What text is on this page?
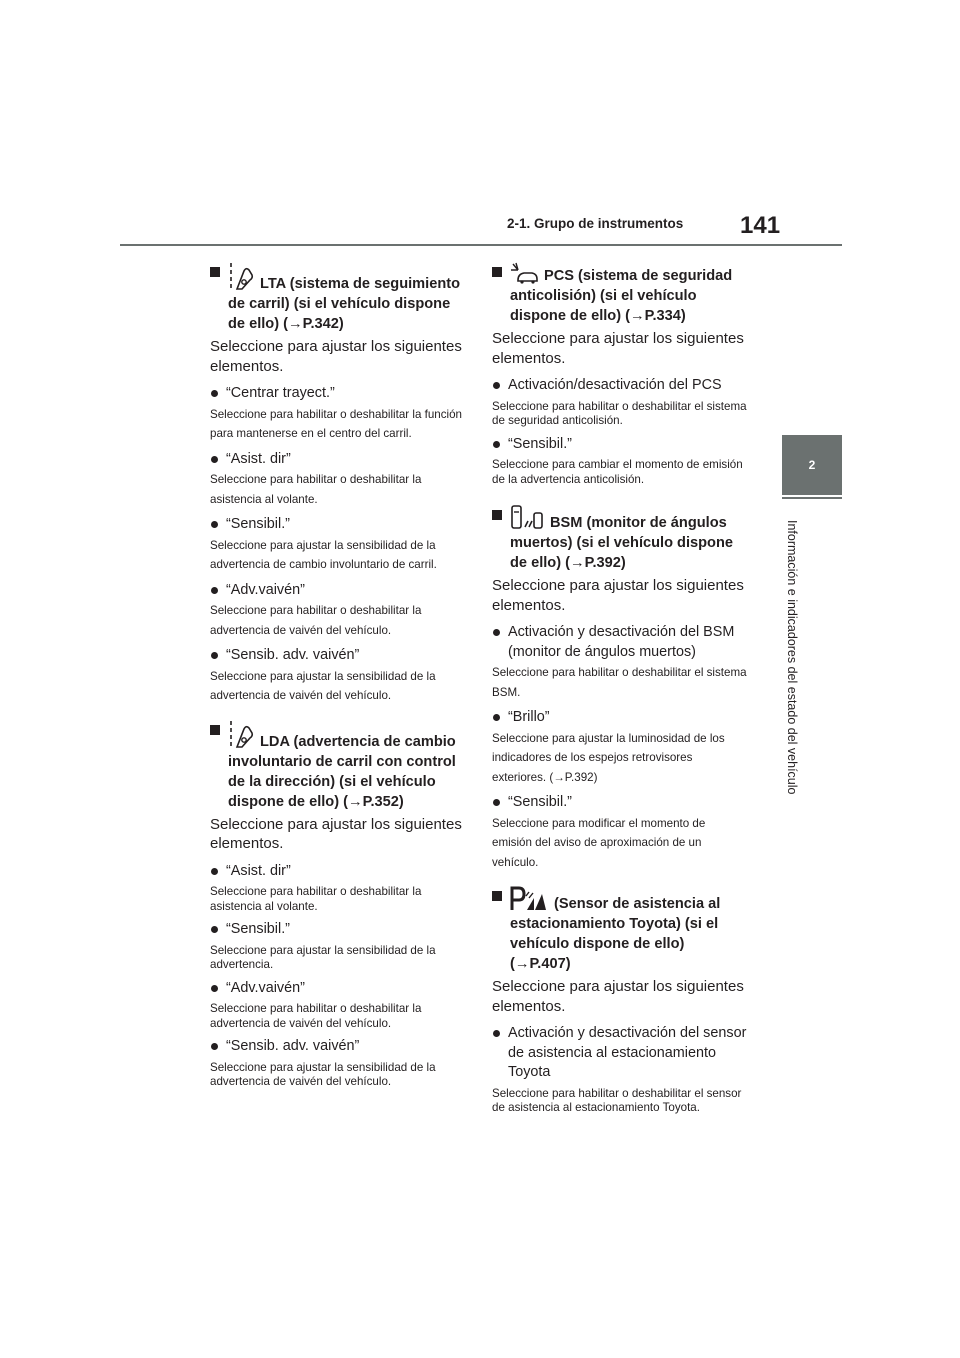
2-1. Grupo de instrumentos 141
2
Información e indicadores del estado del vehículo
LTA (sistema de seguimiento de carril) (si el vehículo dispone de ello) (→P.342)
Seleccione para ajustar los siguientes elementos.
“Centrar trayect.”
Seleccione para habilitar o deshabilitar la función para mantenerse en el centro del carril.
“Asist. dir”
Seleccione para habilitar o deshabilitar la asistencia al volante.
“Sensibil.”
Seleccione para ajustar la sensibilidad de la advertencia de cambio involuntario de carril.
“Adv.vaivén”
Seleccione para habilitar o deshabilitar la advertencia de vaivén del vehículo.
“Sensib. adv. vaivén”
Seleccione para ajustar la sensibilidad de la advertencia de vaivén del vehículo.
LDA (advertencia de cambio involuntario de carril con control de la dirección) (si el vehículo dispone de ello) (→P.352)
Seleccione para ajustar los siguientes elementos.
“Asist. dir”
Seleccione para habilitar o deshabilitar la asistencia al volante.
“Sensibil.”
Seleccione para ajustar la sensibilidad de la advertencia.
“Adv.vaivén”
Seleccione para habilitar o deshabilitar la advertencia de vaivén del vehículo.
“Sensib. adv. vaivén”
Seleccione para ajustar la sensibilidad de la advertencia de vaivén del vehículo.
PCS (sistema de seguridad anticolisión) (si el vehículo dispone de ello) (→P.334)
Seleccione para ajustar los siguientes elementos.
Activación/desactivación del PCS
Seleccione para habilitar o deshabilitar el sistema de seguridad anticolisión.
“Sensibil.”
Seleccione para cambiar el momento de emisión de la advertencia anticolisión.
BSM (monitor de ángulos muertos) (si el vehículo dispone de ello) (→P.392)
Seleccione para ajustar los siguientes elementos.
Activación y desactivación del BSM (monitor de ángulos muertos)
Seleccione para habilitar o deshabilitar el sistema BSM.
“Brillo”
Seleccione para ajustar la luminosidad de los indicadores de los espejos retrovisores exteriores. (→P.392)
“Sensibil.”
Seleccione para modificar el momento de emisión del aviso de aproximación de un vehículo.
(Sensor de asistencia al estacionamiento Toyota) (si el vehículo dispone de ello) (→P.407)
Seleccione para ajustar los siguientes elementos.
Activación y desactivación del sensor de asistencia al estacionamiento Toyota
Seleccione para habilitar o deshabilitar el sensor de asistencia al estacionamiento Toyota.
